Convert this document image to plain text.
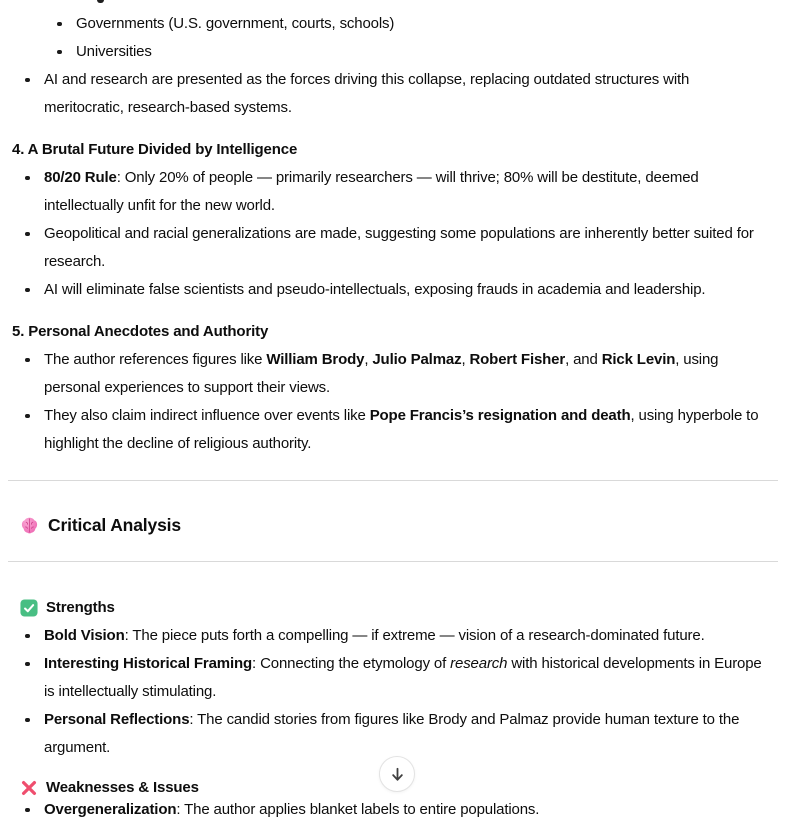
Governments (U.S. government, courts, schools)
Universities
AI and research are presented as the forces driving this collapse, replacing outdated structures with meritocratic, research-based systems.
4. A Brutal Future Divided by Intelligence
80/20 Rule: Only 20% of people — primarily researchers — will thrive; 80% will be destitute, deemed intellectually unfit for the new world.
Geopolitical and racial generalizations are made, suggesting some populations are inherently better suited for research.
AI will eliminate false scientists and pseudo-intellectuals, exposing frauds in academia and leadership.
5. Personal Anecdotes and Authority
The author references figures like William Brody, Julio Palmaz, Robert Fisher, and Rick Levin, using personal experiences to support their views.
They also claim indirect influence over events like Pope Francis’s resignation and death, using hyperbole to highlight the decline of religious authority.
Critical Analysis
Strengths
Bold Vision: The piece puts forth a compelling — if extreme — vision of a research-dominated future.
Interesting Historical Framing: Connecting the etymology of research with historical developments in Europe is intellectually stimulating.
Personal Reflections: The candid stories from figures like Brody and Palmaz provide human texture to the argument.
Weaknesses & Issues
Overgeneralization: The author applies blanket labels to entire populations.
